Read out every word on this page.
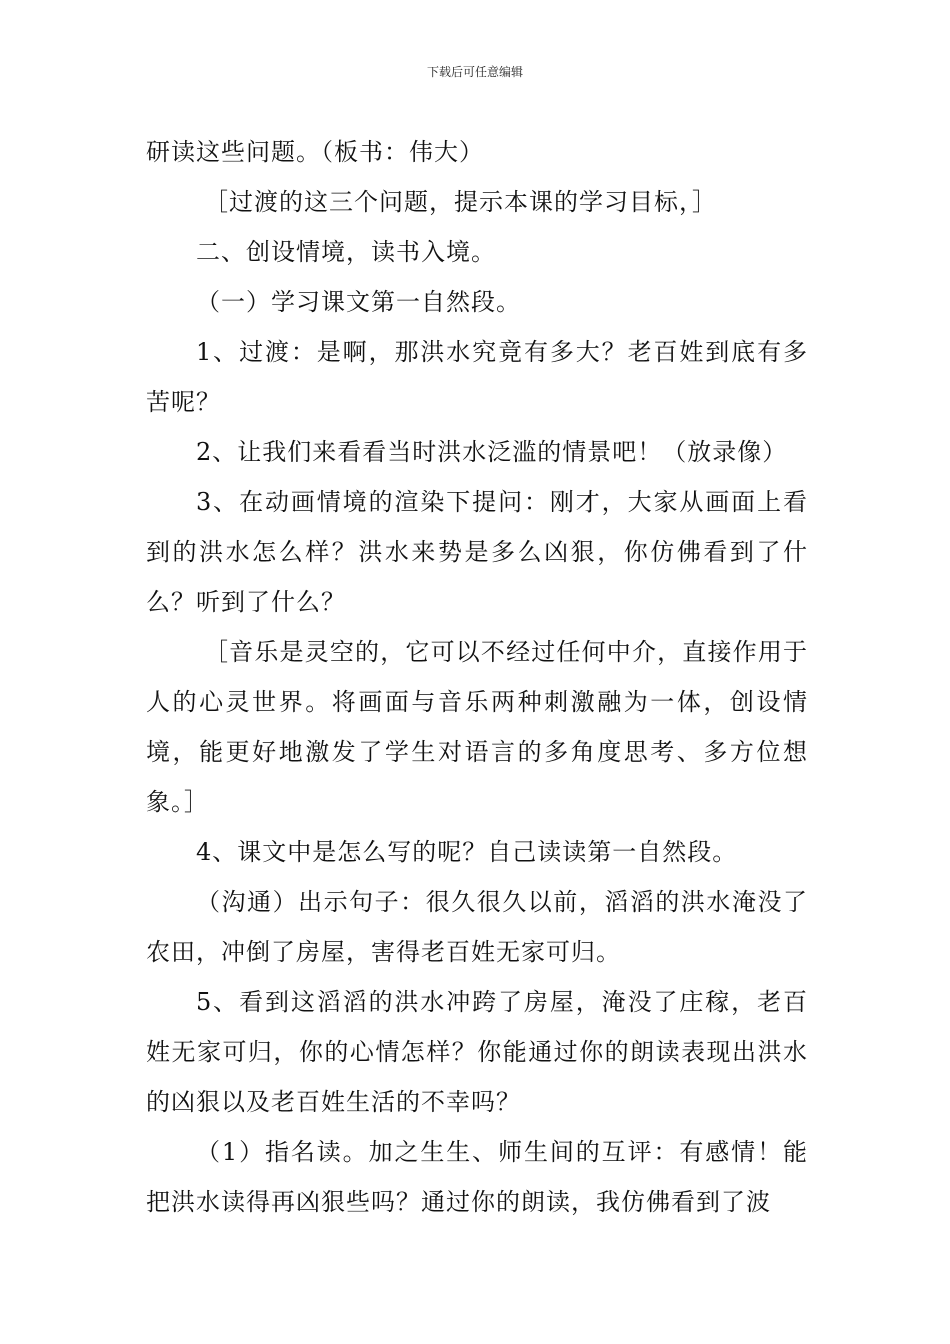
下载后可任意编辑

研读这些问题。（板书：伟大）

［过渡的这三个问题，提示本课的学习目标，］

二、创设情境，读书入境。

（一）学习课文第一自然段。

1、过渡：是啊，那洪水究竟有多大？老百姓到底有多苦呢？

2、让我们来看看当时洪水泛滥的情景吧！（放录像）

3、在动画情境的渲染下提问：刚才，大家从画面上看到的洪水怎么样？洪水来势是多么凶狠，你仿佛看到了什么？听到了什么？

［音乐是灵空的，它可以不经过任何中介，直接作用于人的心灵世界。将画面与音乐两种刺激融为一体，创设情境，能更好地激发了学生对语言的多角度思考、多方位想象。］

4、课文中是怎么写的呢？自己读读第一自然段。

（沟通）出示句子：很久很久以前，滔滔的洪水淹没了农田，冲倒了房屋，害得老百姓无家可归。

5、看到这滔滔的洪水冲跨了房屋，淹没了庄稼，老百姓无家可归，你的心情怎样？你能通过你的朗读表现出洪水的凶狠以及老百姓生活的不幸吗？

（1）指名读。加之生生、师生间的互评：有感情！能把洪水读得再凶狠些吗？通过你的朗读，我仿佛看到了波
